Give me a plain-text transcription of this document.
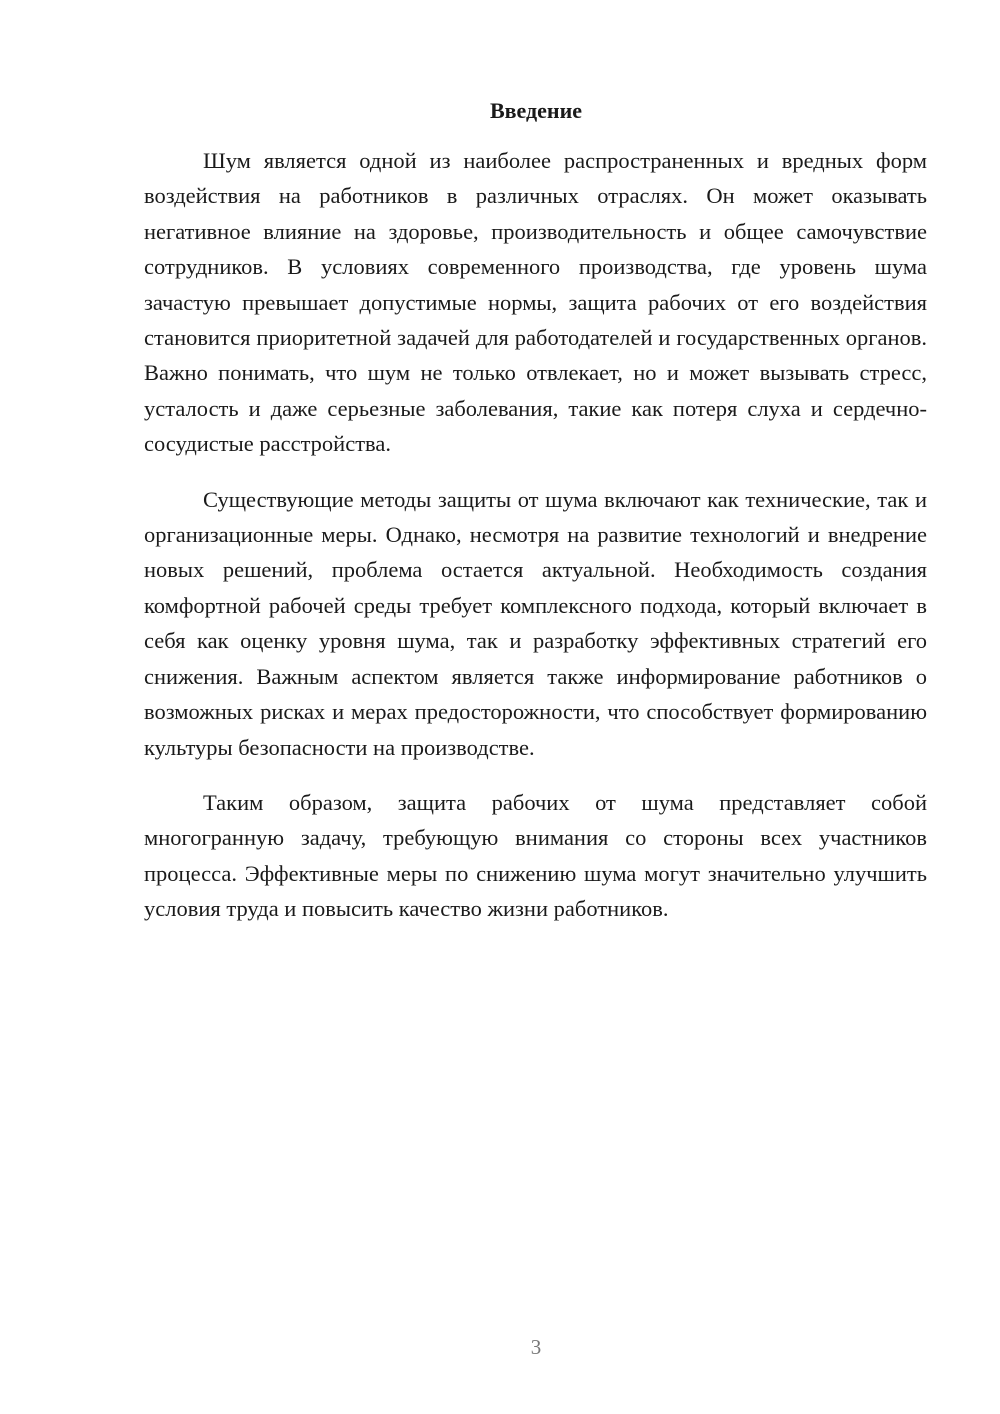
Введение

Шум является одной из наиболее распространенных и вредных форм воздействия на работников в различных отраслях. Он может оказывать негативное влияние на здоровье, производительность и общее самочувствие сотрудников. В условиях современного производства, где уровень шума зачастую превышает допустимые нормы, защита рабочих от его воздействия становится приоритетной задачей для работодателей и государственных органов. Важно понимать, что шум не только отвлекает, но и может вызывать стресс, усталость и даже серьезные заболевания, такие как потеря слуха и сердечно-сосудистые расстройства.

Существующие методы защиты от шума включают как технические, так и организационные меры. Однако, несмотря на развитие технологий и внедрение новых решений, проблема остается актуальной. Необходимость создания комфортной рабочей среды требует комплексного подхода, который включает в себя как оценку уровня шума, так и разработку эффективных стратегий его снижения. Важным аспектом является также информирование работников о возможных рисках и мерах предосторожности, что способствует формированию культуры безопасности на производстве.

Таким образом, защита рабочих от шума представляет собой многогранную задачу, требующую внимания со стороны всех участников процесса. Эффективные меры по снижению шума могут значительно улучшить условия труда и повысить качество жизни работников.

3
